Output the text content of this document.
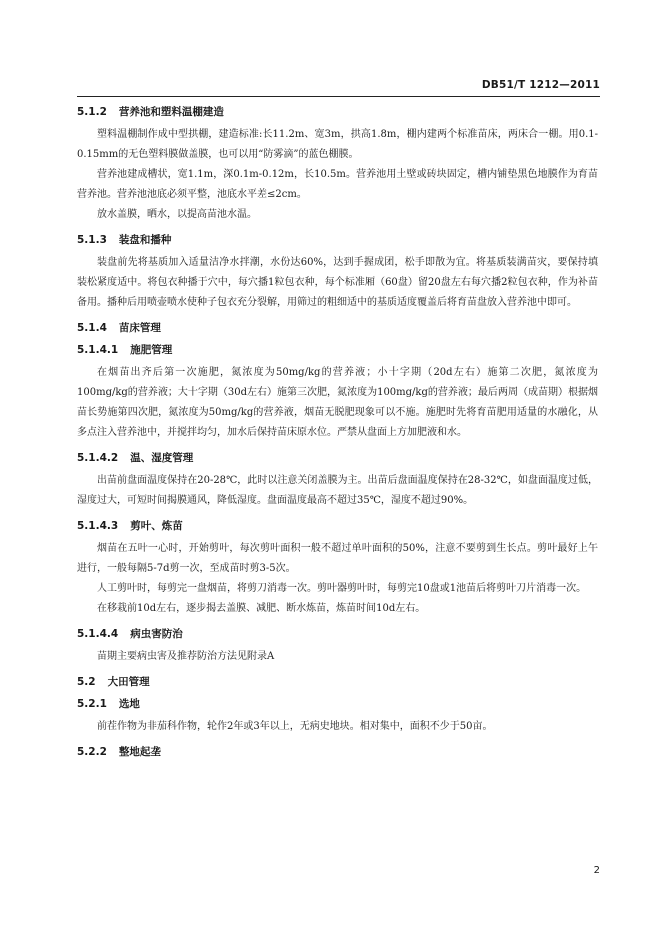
DB51/T 1212—2011
5.1.2 营养池和塑料温棚建造
塑料温棚制作成中型拱棚，建造标准:长11.2m、宽3m，拱高1.8m，棚内建两个标准苗床，两床合一棚。用0.1-0.15mm的无色塑料膜做盖膜，也可以用“防雾滴”的蓝色棚膜。
营养池建成槽状，宽1.1m，深0.1m-0.12m，长10.5m。营养池用土壁或砖块固定，槽内铺垫黑色地膜作为育苗营养池。营养池池底必须平整，池底水平差≤2cm。
放水盖膜，晒水，以提高苗池水温。
5.1.3 装盘和播种
装盘前先将基质加入适量洁净水拌潮，水份达60%，达到手握成团，松手即散为宜。将基质装满苗灾，要保持填装松紧度适中。将包衣种播于穴中，每穴播1粒包衣种，每个标准厢（60盘）留20盘左右每穴播2粒包衣种，作为补苗备用。播种后用喷壶喷水使种子包衣充分裂解，用筛过的粗细适中的基质适度覆盖后将育苗盘放入营养池中即可。
5.1.4 苗床管理
5.1.4.1 施肥管理
在烟苗出齐后第一次施肥，氮浓度为50mg/kg的营养液；小十字期（20d左右）施第二次肥，氮浓度为100mg/kg的营养液；大十字期（30d左右）施第三次肥，氮浓度为100mg/kg的营养液；最后两周（成苗期）根据烟苗长势施第四次肥，氮浓度为50mg/kg的营养液，烟苗无脱肥现象可以不施。施肥时先将育苗肥用适量的水融化，从多点注入营养池中，并搅拌均匀，加水后保持苗床原水位。严禁从盘面上方加肥液和水。
5.1.4.2 温、湿度管理
出苗前盘面温度保持在20-28℃，此时以注意关闭盖膜为主。出苗后盘面温度保持在28-32℃，如盘面温度过低，湿度过大，可短时间揭膜通风，降低湿度。盘面温度最高不超过35℃，湿度不超过90%。
5.1.4.3 剪叶、炼苗
烟苗在五叶一心时，开始剪叶，每次剪叶面积一般不超过单叶面积的50%，注意不要剪到生长点。剪叶最好上午进行，一般每隔5-7d剪一次，至成苗时剪3-5次。
人工剪叶时，每剪完一盘烟苗，将剪刀消毒一次。剪叶器剪叶时，每剪完10盘或1池苗后将剪叶刀片消毒一次。
在移栽前10d左右，逐步揭去盖膜、减肥、断水炼苗，炼苗时间10d左右。
5.1.4.4 病虫害防治
苗期主要病虫害及推荐防治方法见附录A
5.2 大田管理
5.2.1 选地
前茬作物为非茄科作物，轮作2年或3年以上，无病史地块。相对集中，面积不少于50亩。
5.2.2 整地起垄
2
